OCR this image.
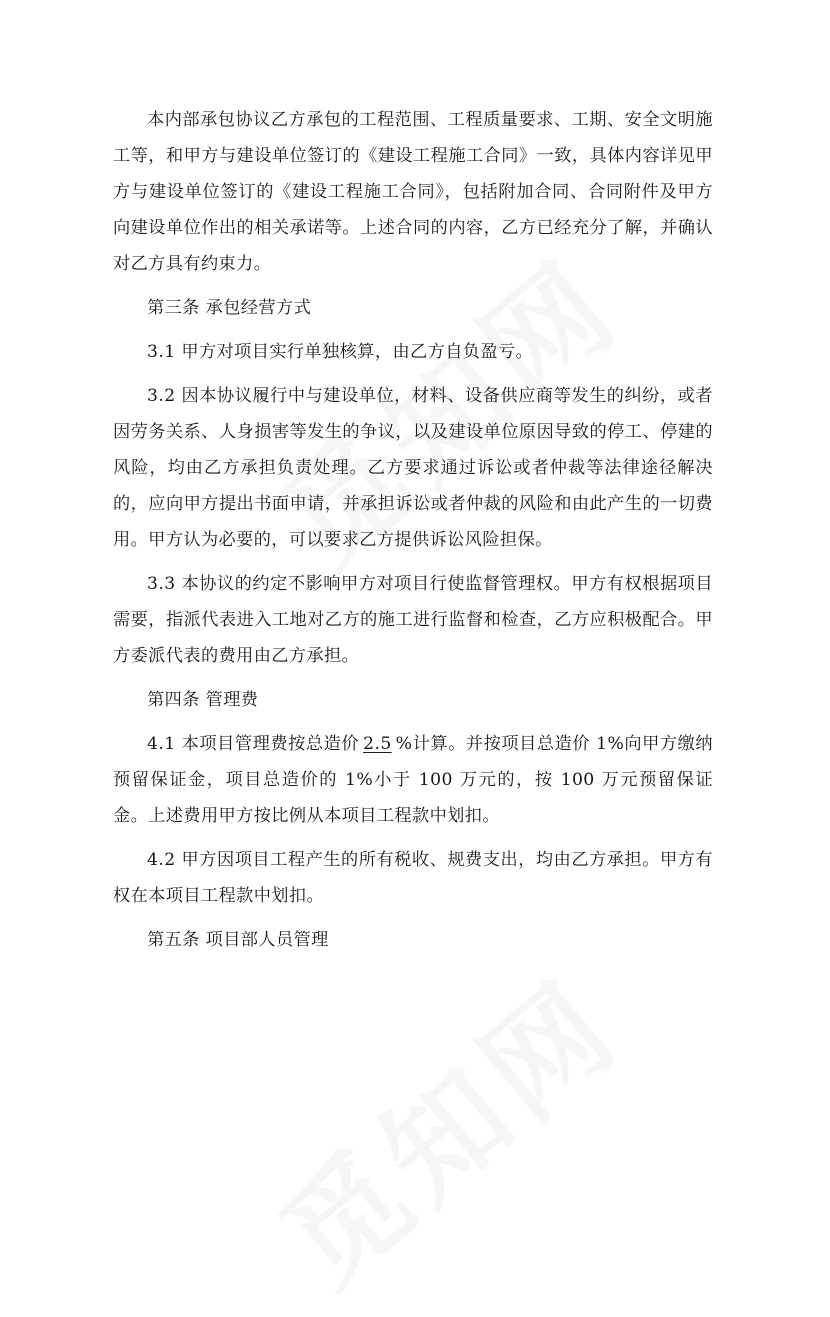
本内部承包协议乙方承包的工程范围、工程质量要求、工期、安全文明施工等，和甲方与建设单位签订的《建设工程施工合同》一致，具体内容详见甲方与建设单位签订的《建设工程施工合同》，包括附加合同、合同附件及甲方向建设单位作出的相关承诺等。上述合同的内容，乙方已经充分了解，并确认对乙方具有约束力。

第三条 承包经营方式

3.1 甲方对项目实行单独核算，由乙方自负盈亏。

3.2 因本协议履行中与建设单位，材料、设备供应商等发生的纠纷，或者因劳务关系、人身损害等发生的争议，以及建设单位原因导致的停工、停建的风险，均由乙方承担负责处理。乙方要求通过诉讼或者仲裁等法律途径解决的，应向甲方提出书面申请，并承担诉讼或者仲裁的风险和由此产生的一切费用。甲方认为必要的，可以要求乙方提供诉讼风险担保。

3.3 本协议的约定不影响甲方对项目行使监督管理权。甲方有权根据项目需要，指派代表进入工地对乙方的施工进行监督和检查，乙方应积极配合。甲方委派代表的费用由乙方承担。

第四条 管理费

4.1 本项目管理费按总造价 2.5 %计算。并按项目总造价 1%向甲方缴纳预留保证金，项目总造价的 1%小于 100 万元的，按 100 万元预留保证金。上述费用甲方按比例从本项目工程款中划扣。

4.2 甲方因项目工程产生的所有税收、规费支出，均由乙方承担。甲方有权在本项目工程款中划扣。

第五条 项目部人员管理
